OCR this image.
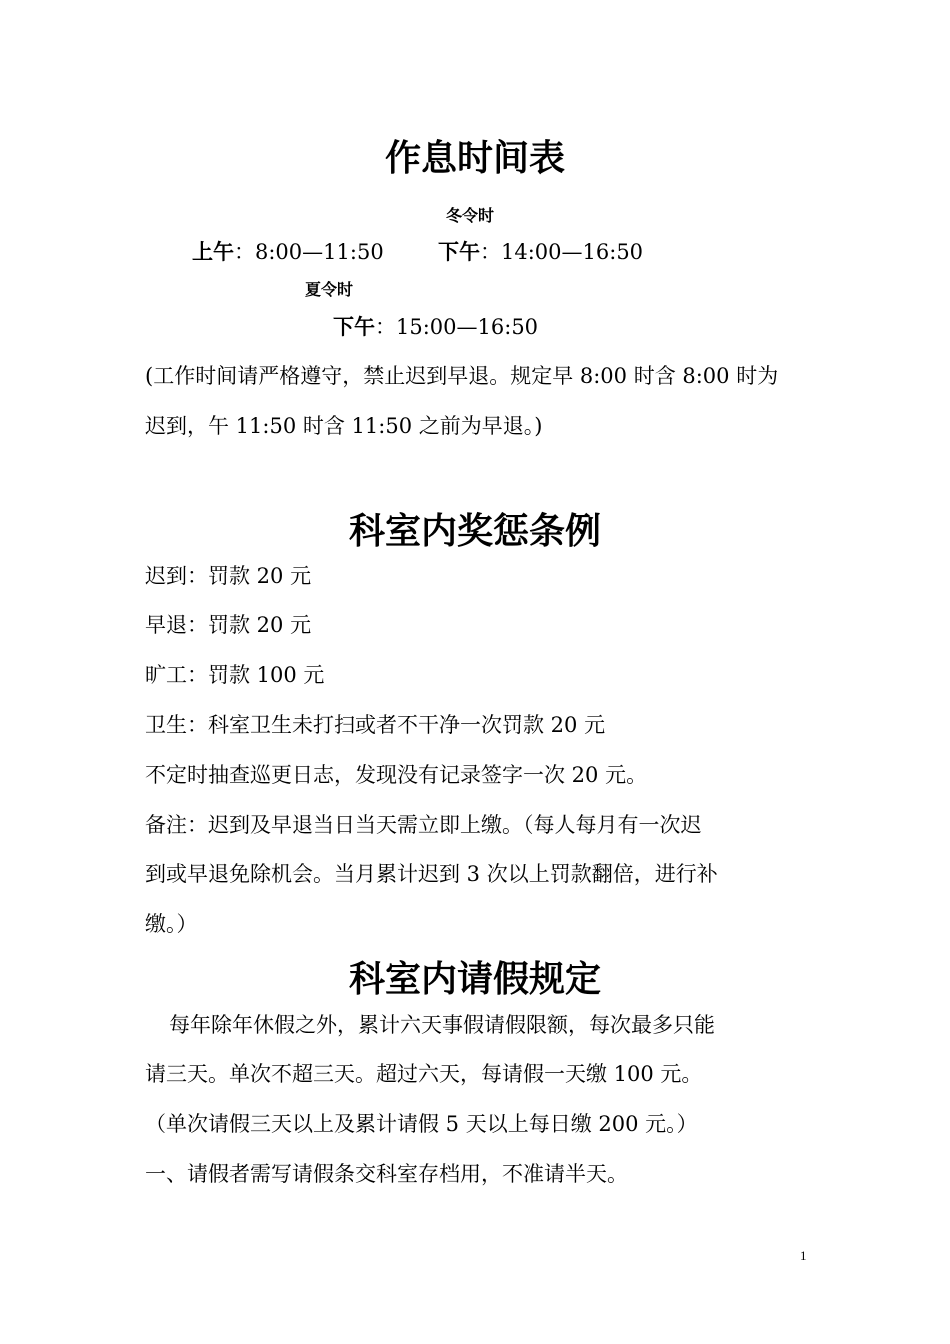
作息时间表
冬令时
上午：8:00—11:50	下午：14:00—16:50
夏令时
下午：15:00—16:50
(工作时间请严格遵守，禁止迟到早退。规定早 8:00 时含 8:00 时为
迟到，午 11:50 时含 11:50 之前为早退。)
科室内奖惩条例
迟到：罚款 20 元
早退：罚款 20 元
旷工：罚款 100 元
卫生：科室卫生未打扫或者不干净一次罚款 20 元
不定时抽查巡更日志，发现没有记录签字一次 20 元。
备注：迟到及早退当日当天需立即上缴。（每人每月有一次迟
到或早退免除机会。当月累计迟到 3 次以上罚款翻倍，进行补
缴。）
科室内请假规定
每年除年休假之外，累计六天事假请假限额，每次最多只能
请三天。单次不超三天。超过六天，每请假一天缴 100 元。
（单次请假三天以上及累计请假 5 天以上每日缴 200 元。）
一、请假者需写请假条交科室存档用，不准请半天。
1
